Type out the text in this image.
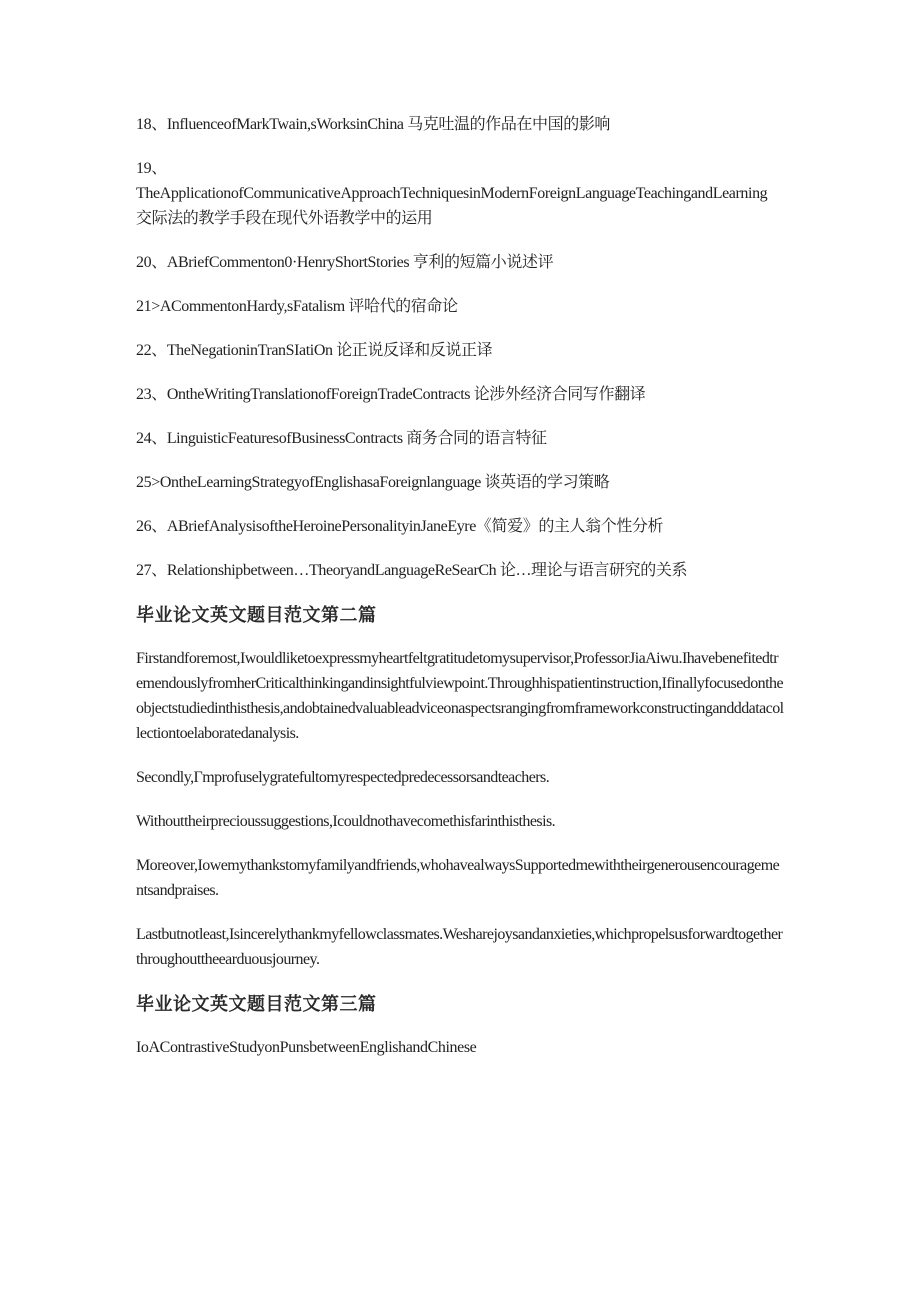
18、InfluenceofMarkTwain,sWorksinChina 马克吐温的作品在中国的影响

19、
TheApplicationofCommunicativeApproachTechniquesinModernForeignLanguageTeachingandLearning 交际法的教学手段在现代外语教学中的运用

20、ABriefCommenton0·HenryShortStories 亨利的短篇小说述评

21>ACommentonHardy,sFatalism 评哈代的宿命论

22、TheNegationinTranSIatiOn 论正说反译和反说正译

23、OntheWritingTranslationofForeignTradeContracts 论涉外经济合同写作翻译

24、LinguisticFeaturesofBusinessContracts 商务合同的语言特征

25>OntheLearningStrategyofEnglishasaForeignlanguage 谈英语的学习策略

26、ABriefAnalysisoftheHeroinePersonalityinJaneEyre《简爱》的主人翁个性分析

27、Relationshipbetween…TheoryandLanguageReSearCh 论…理论与语言研究的关系

毕业论文英文题目范文第二篇

Firstandforemost,Iwouldliketoexpressmyheartfeltgratitudetomysupervisor,ProfessorJiaAiwu.IhavebenefitedtremendouslyfromherCriticalthinkingandinsightfulviewpoint.Throughhispatientinstruction,Ifinallyfocusedontheobjectstudiedinthisthesis,andobtainedvaluableadviceonaspectsrangingfromframeworkconstructingandddatacollectiontoelaboratedanalysis.

Secondly,Γmprofuselygratefultomyrespectedpredecessorsandteachers.

Withouttheirprecioussuggestions,Icouldnothavecomethisfarinthisthesis.

Moreover,Iowemythankstomyfamilyandfriends,whohavealwaysSupportedmewiththeirgenerousencouragementsandpraises.

Lastbutnotleast,Isincerelythankmyfellowclassmates.Wesharejoysandanxieties,whichpropelsusforwardtogetherthroughouttheearduousjourney.

毕业论文英文题目范文第三篇

IoAContrastiveStudyonPunsbetweenEnglishandChinese
